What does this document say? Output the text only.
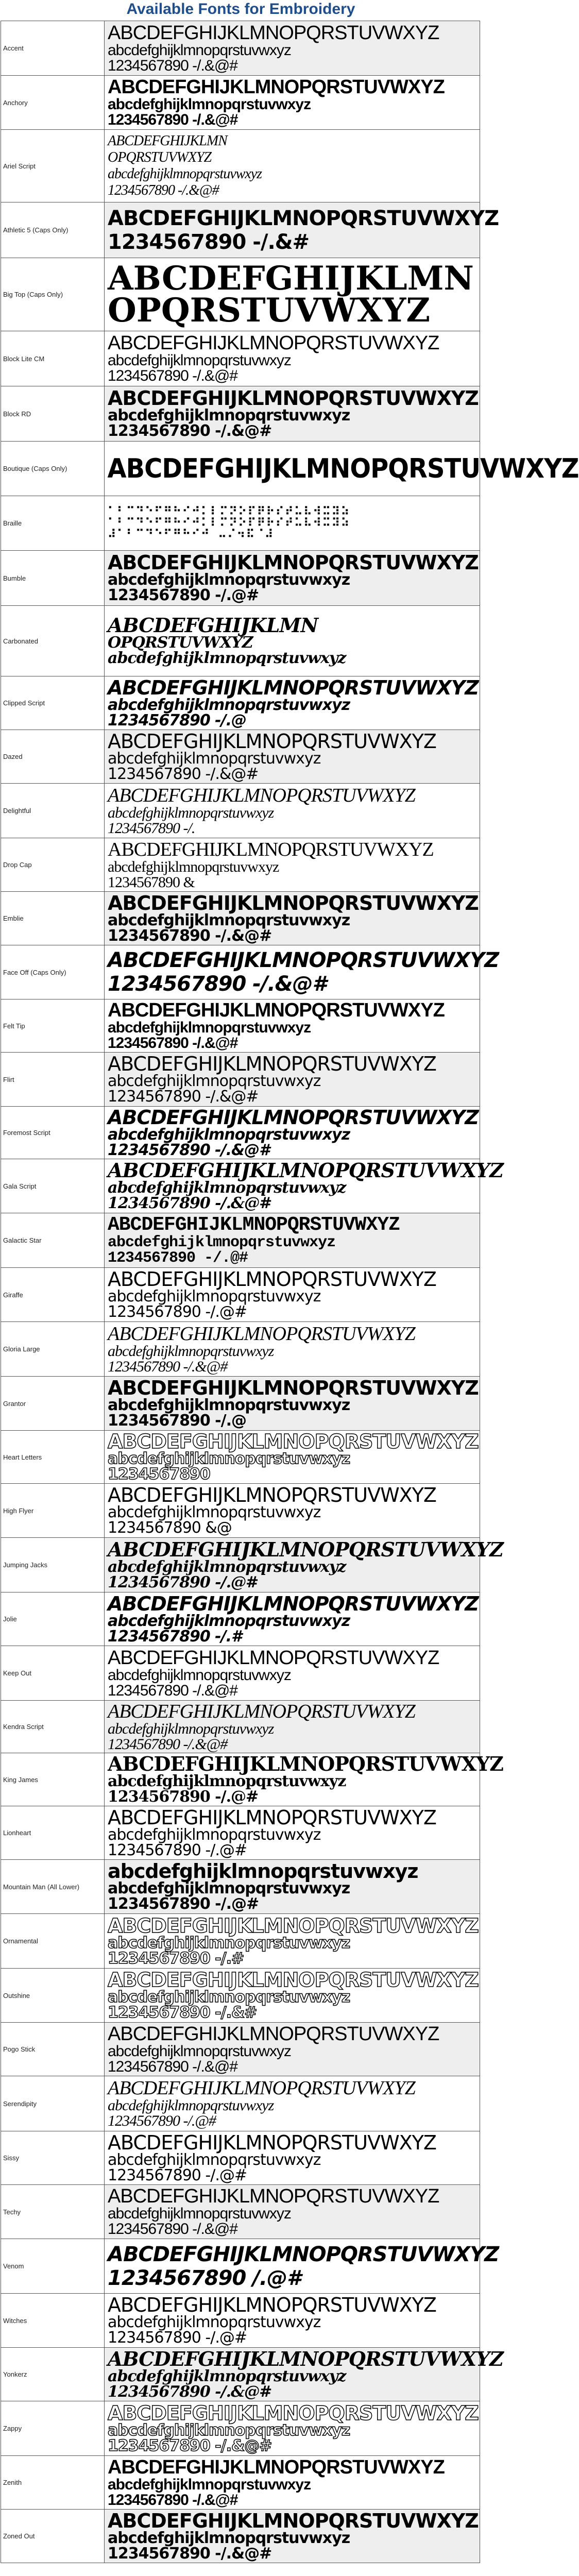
Available Fonts for Embroidery
Accent	ABCDEFGHIJKLMNOPQRSTUVWXYZ
abcdefghijklmnopqrstuvwxyz
1234567890 -/.&@#

Anchory	ABCDEFGHIJKLMNOPQRSTUVWXYZ
abcdefghijklmnopqrstuvwxyz
1234567890 -/.&@#

Ariel Script	ABCDEFGHIJKLMN
OPQRSTUVWXYZ
abcdefghijklmnopqrstuvwxyz
1234567890 -/.&@#

Athletic 5 (Caps Only)	ABCDEFGHIJKLMNOPQRSTUVWXYZ
1234567890 -/.&#

Big Top (Caps Only)	ABCDEFGHIJKLMN
OPQRSTUVWXYZ

Block Lite CM	ABCDEFGHIJKLMNOPQRSTUVWXYZ
abcdefghijklmnopqrstuvwxyz
1234567890 -/.&@#

Block RD	ABCDEFGHIJKLMNOPQRSTUVWXYZ
abcdefghijklmnopqrstuvwxyz
1234567890 -/.&@#

Boutique (Caps Only)	ABCDEFGHIJKLMNOPQRSTUVWXYZ

Braille	⠁⠃⠉⠙⠑⠋⠛⠓⠊⠚⠅⠇⠍⠝⠕⠏⠟⠗⠎⠞⠥⠧⠺⠭⠽⠵
⠁⠃⠉⠙⠑⠋⠛⠓⠊⠚⠅⠇⠍⠝⠕⠏⠟⠗⠎⠞⠥⠧⠺⠭⠽⠵
⠼⠁⠃⠉⠙⠑⠋⠛⠓⠊⠚ ⠤⠌⠲⠯⠈⠼

Bumble	ABCDEFGHIJKLMNOPQRSTUVWXYZ
abcdefghijklmnopqrstuvwxyz
1234567890 -/.@#

Carbonated	ABCDEFGHIJKLMN
OPQRSTUVWXYZ
abcdefghijklmnopqrstuvwxyz

Clipped Script	ABCDEFGHIJKLMNOPQRSTUVWXYZ
abcdefghijklmnopqrstuvwxyz
1234567890 -/.@

Dazed	ABCDEFGHIJKLMNOPQRSTUVWXYZ
abcdefghijklmnopqrstuvwxyz
1234567890 -/.&@#

Delightful	ABCDEFGHIJKLMNOPQRSTUVWXYZ
abcdefghijklmnopqrstuvwxyz
1234567890 -/.

Drop Cap	ABCDEFGHIJKLMNOPQRSTUVWXYZ
abcdefghijklmnopqrstuvwxyz
1234567890 &

Emblie	ABCDEFGHIJKLMNOPQRSTUVWXYZ
abcdefghijklmnopqrstuvwxyz
1234567890 -/.&@#

Face Off (Caps Only)	ABCDEFGHIJKLMNOPQRSTUVWXYZ
1234567890 -/.&@#

Felt Tip	ABCDEFGHIJKLMNOPQRSTUVWXYZ
abcdefghijklmnopqrstuvwxyz
1234567890 -/.&@#

Flirt	ABCDEFGHIJKLMNOPQRSTUVWXYZ
abcdefghijklmnopqrstuvwxyz
1234567890 -/.&@#

Foremost Script	ABCDEFGHIJKLMNOPQRSTUVWXYZ
abcdefghijklmnopqrstuvwxyz
1234567890 -/.&@#

Gala Script	ABCDEFGHIJKLMNOPQRSTUVWXYZ
abcdefghijklmnopqrstuvwxyz
1234567890 -/.&@#

Galactic Star	ABCDEFGHIJKLMNOPQRSTUVWXYZ
abcdefghijklmnopqrstuvwxyz
1234567890 -/.@#

Giraffe	ABCDEFGHIJKLMNOPQRSTUVWXYZ
abcdefghijklmnopqrstuvwxyz
1234567890 -/.@#

Gloria Large	ABCDEFGHIJKLMNOPQRSTUVWXYZ
abcdefghijklmnopqrstuvwxyz
1234567890 -/.&@#

Grantor	ABCDEFGHIJKLMNOPQRSTUVWXYZ
abcdefghijklmnopqrstuvwxyz
1234567890 -/.@

Heart Letters	ABCDEFGHIJKLMNOPQRSTUVWXYZ
abcdefghijklmnopqrstuvwxyz
1234567890

High Flyer	ABCDEFGHIJKLMNOPQRSTUVWXYZ
abcdefghijklmnopqrstuvwxyz
1234567890 &@

Jumping Jacks	ABCDEFGHIJKLMNOPQRSTUVWXYZ
abcdefghijklmnopqrstuvwxyz
1234567890 -/.@#

Jolie	ABCDEFGHIJKLMNOPQRSTUVWXYZ
abcdefghijklmnopqrstuvwxyz
1234567890 -/.#

Keep Out	ABCDEFGHIJKLMNOPQRSTUVWXYZ
abcdefghijklmnopqrstuvwxyz
1234567890 -/.&@#

Kendra Script	ABCDEFGHIJKLMNOPQRSTUVWXYZ
abcdefghijklmnopqrstuvwxyz
1234567890 -/.&@#

King James	ABCDEFGHIJKLMNOPQRSTUVWXYZ
abcdefghijklmnopqrstuvwxyz
1234567890 -/.@#

Lionheart	ABCDEFGHIJKLMNOPQRSTUVWXYZ
abcdefghijklmnopqrstuvwxyz
1234567890 -/.@#

Mountain Man (All Lower)	abcdefghijklmnopqrstuvwxyz
abcdefghijklmnopqrstuvwxyz
1234567890 -/.@#

Ornamental	ABCDEFGHIJKLMNOPQRSTUVWXYZ
abcdefghijklmnopqrstuvwxyz
1234567890 -/.#

Outshine	ABCDEFGHIJKLMNOPQRSTUVWXYZ
abcdefghijklmnopqrstuvwxyz
1234567890 -/.&#

Pogo Stick	ABCDEFGHIJKLMNOPQRSTUVWXYZ
abcdefghijklmnopqrstuvwxyz
1234567890 -/.&@#

Serendipity	ABCDEFGHIJKLMNOPQRSTUVWXYZ
abcdefghijklmnopqrstuvwxyz
1234567890 -/.@#

Sissy	ABCDEFGHIJKLMNOPQRSTUVWXYZ
abcdefghijklmnopqrstuvwxyz
1234567890 -/.@#

Techy	ABCDEFGHIJKLMNOPQRSTUVWXYZ
abcdefghijklmnopqrstuvwxyz
1234567890 -/.&@#

Venom	ABCDEFGHIJKLMNOPQRSTUVWXYZ
1234567890 /.@#

Witches	ABCDEFGHIJKLMNOPQRSTUVWXYZ
abcdefghijklmnopqrstuvwxyz
1234567890 -/.@#

Yonkerz	ABCDEFGHIJKLMNOPQRSTUVWXYZ
abcdefghijklmnopqrstuvwxyz
1234567890 -/.&@#

Zappy	ABCDEFGHIJKLMNOPQRSTUVWXYZ
abcdefghijklmnopqrstuvwxyz
1234567890 -/.&@#

Zenith	ABCDEFGHIJKLMNOPQRSTUVWXYZ
abcdefghijklmnopqrstuvwxyz
1234567890 -/.&@#

Zoned Out	ABCDEFGHIJKLMNOPQRSTUVWXYZ
abcdefghijklmnopqrstuvwxyz
1234567890 -/.&@#
